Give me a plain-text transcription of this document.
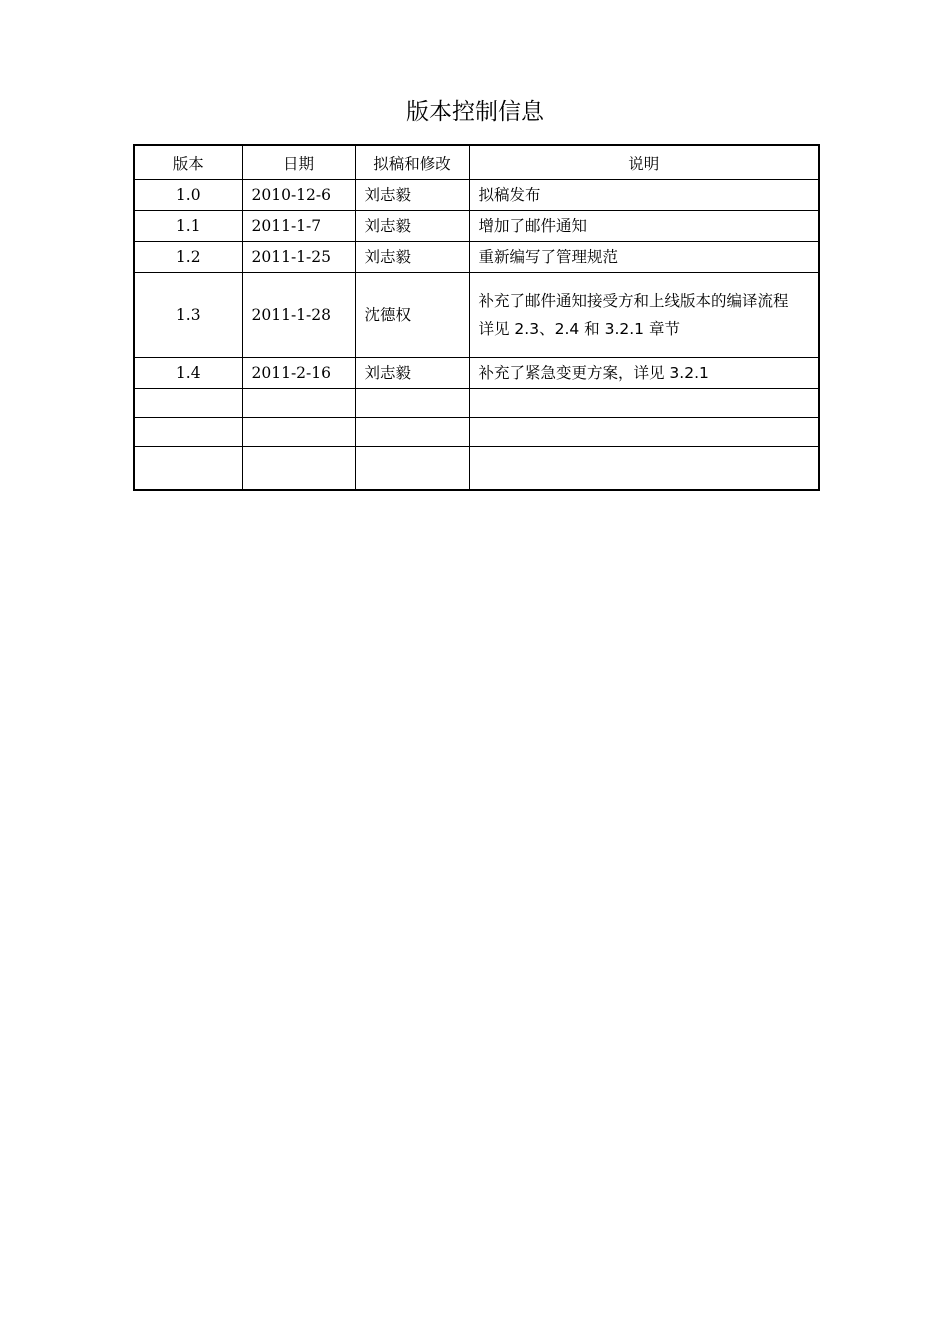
版本控制信息
版本	日期	拟稿和修改	说明
1.0	2010-12-6	刘志毅	拟稿发布

1.1	2011-1-7	刘志毅	增加了邮件通知

1.2	2011-1-25	刘志毅	重新编写了管理规范

1.3	2011-1-28	沈德权	补充了邮件通知接受方和上线版本的编译流程
详见 2.3、2.4 和 3.2.1 章节

1.4	2011-2-16	刘志毅	补充了紧急变更方案，详见 3.2.1
